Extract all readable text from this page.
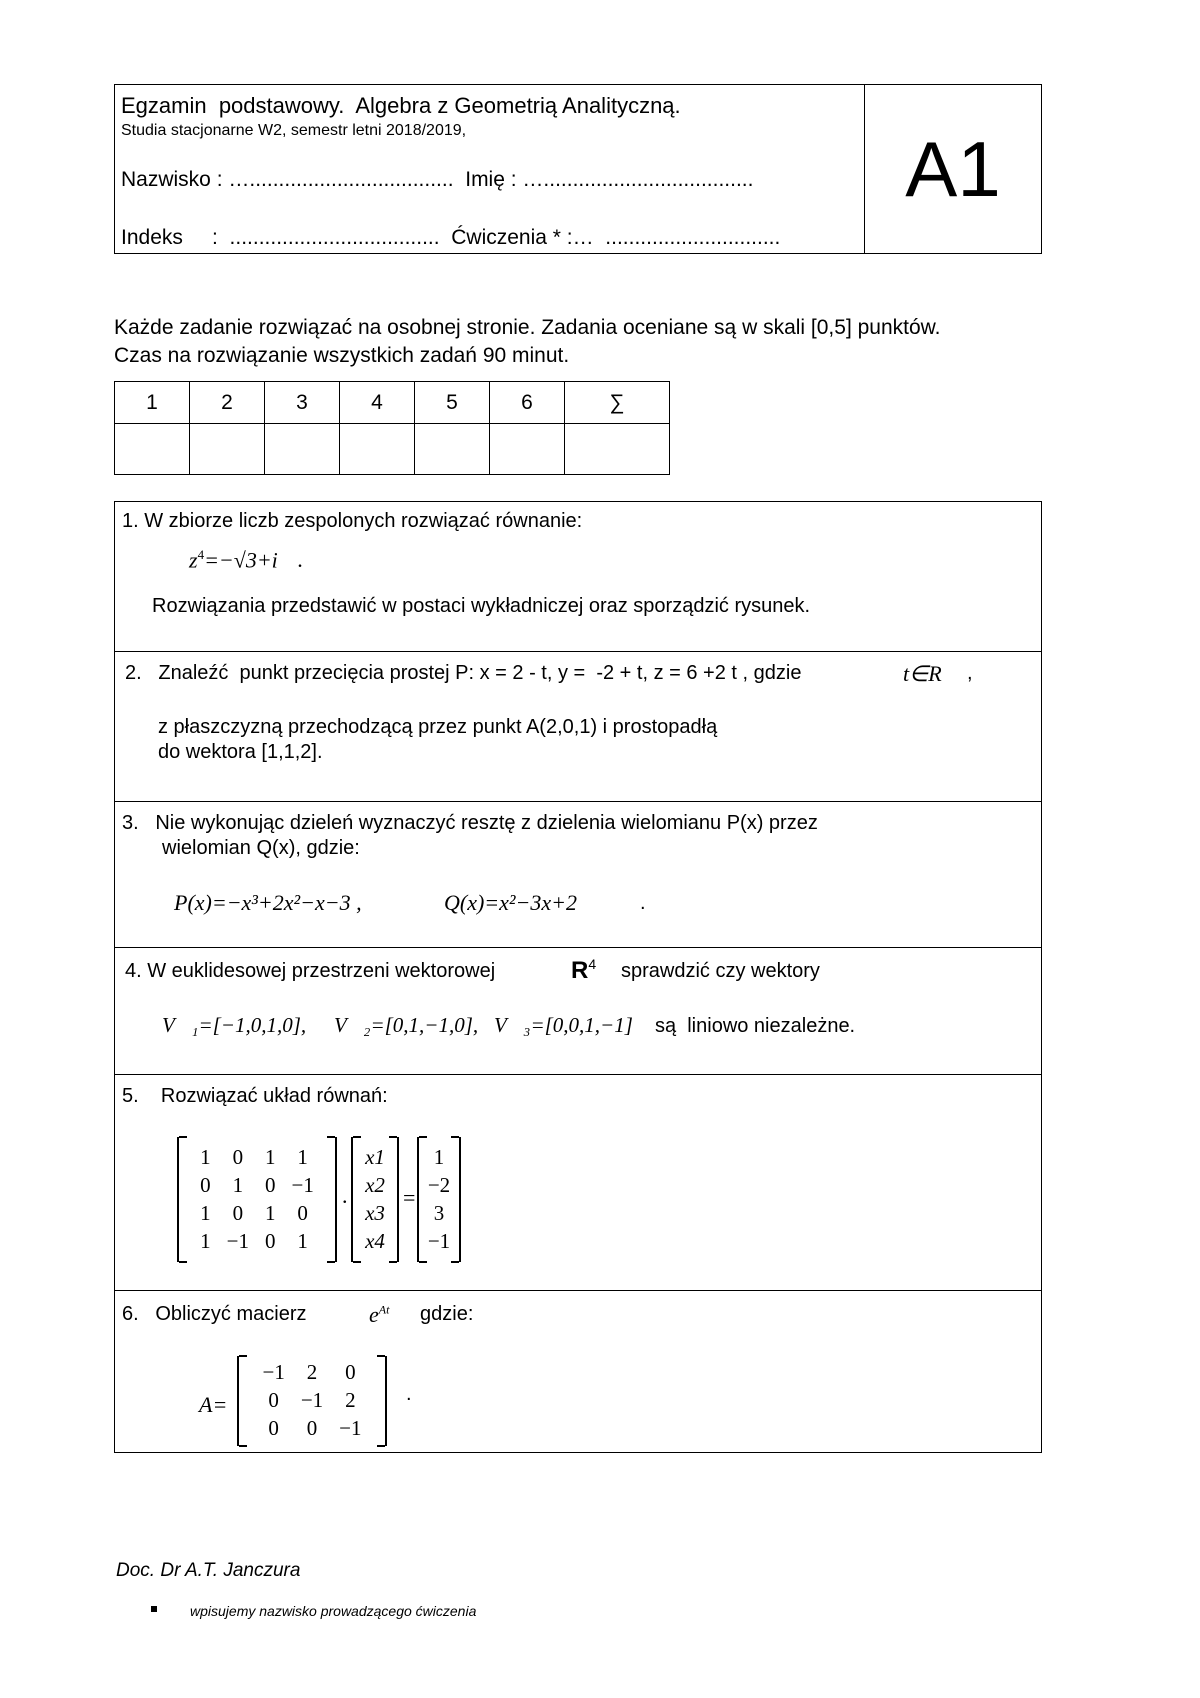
Egzamin  podstawowy.  Algebra z Geometrią Analityczną.
Studia stacjonarne W2, semestr letni 2018/2019,
Nazwisko : …...................................  Imię : …....................................
Indeks     :  ....................................  Ćwiczenia * :…  ..............................
A1
Każde zadanie rozwiązać na osobnej stronie. Zadania oceniane są w skali [0,5] punktów.
Czas na rozwiązanie wszystkich zadań 90 minut.
1	2	3	4	5	6	∑

1. W zbiorze liczb zespolonych rozwiązać równanie:
$z^4=-√3+i$ .
Rozwiązania przedstawić w postaci wykładniczej oraz sporządzić rysunek.
2.   Znaleźć  punkt przecięcia prostej P: x = 2 - t, y =  -2 + t, z = 6 +2 t , gdzie	t∈R ,
z płaszczyzną przechodzącą przez punkt A(2,0,1) i prostopadłą
do wektora [1,1,2].
3.   Nie wykonując dzieleń wyznaczyć resztę z dzielenia wielomianu P(x) przez
wielomian Q(x), gdzie:
P(x)=−x³+2x²−x−3 ,	Q(x)=x²−3x+2	.
4. W euklidesowej przestrzeni wektorowej	$R^4$ sprawdzić czy wektory
V⃗₁=[−1,0,1,0], V⃗₂=[0,1,−1,0], V⃗₃=[0,0,1,−1] są  liniowo niezależne.
5.    Rozwiązać układ równań:
1	0	1	1
0	1	0	−1
1	0	1	0
1	−1	0	1
.
x1
x2
x3
x4
=
1
−2
3
−1
6.   Obliczyć macierz	$e^{At}$ gdzie:
A=
−1	2	0
0	−1	2
0	0	−1
.
Doc. Dr A.T. Janczura
wpisujemy nazwisko prowadzącego ćwiczenia
